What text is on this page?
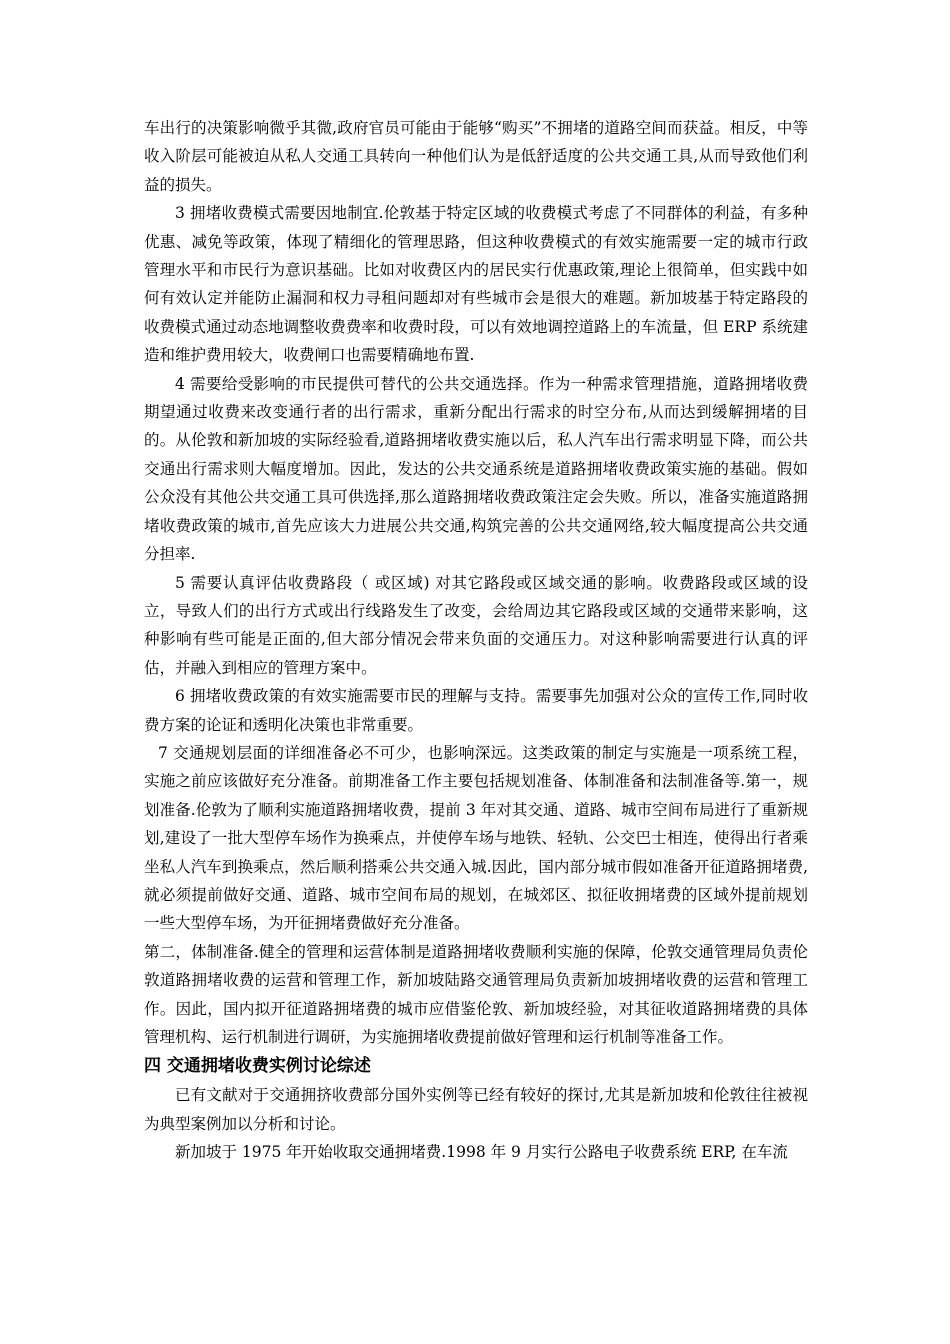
车出行的决策影响微乎其微,政府官员可能由于能够“购买”不拥堵的道路空间而获益。相反，中等收入阶层可能被迫从私人交通工具转向一种他们认为是低舒适度的公共交通工具,从而导致他们利益的损失。

3 拥堵收费模式需要因地制宜.伦敦基于特定区域的收费模式考虑了不同群体的利益，有多种优惠、减免等政策，体现了精细化的管理思路，但这种收费模式的有效实施需要一定的城市行政管理水平和市民行为意识基础。比如对收费区内的居民实行优惠政策,理论上很简单，但实践中如何有效认定并能防止漏洞和权力寻租问题却对有些城市会是很大的难题。新加坡基于特定路段的收费模式通过动态地调整收费费率和收费时段，可以有效地调控道路上的车流量，但 ERP 系统建造和维护费用较大，收费闸口也需要精确地布置.

4 需要给受影响的市民提供可替代的公共交通选择。作为一种需求管理措施，道路拥堵收费期望通过收费来改变通行者的出行需求，重新分配出行需求的时空分布,从而达到缓解拥堵的目的。从伦敦和新加坡的实际经验看,道路拥堵收费实施以后，私人汽车出行需求明显下降，而公共交通出行需求则大幅度增加。因此，发达的公共交通系统是道路拥堵收费政策实施的基础。假如公众没有其他公共交通工具可供选择,那么道路拥堵收费政策注定会失败。所以，准备实施道路拥堵收费政策的城市,首先应该大力进展公共交通,构筑完善的公共交通网络,较大幅度提高公共交通分担率.

5 需要认真评估收费路段（ 或区域) 对其它路段或区域交通的影响。收费路段或区域的设立，导致人们的出行方式或出行线路发生了改变，会给周边其它路段或区域的交通带来影响，这种影响有些可能是正面的,但大部分情况会带来负面的交通压力。对这种影响需要进行认真的评估，并融入到相应的管理方案中。

6 拥堵收费政策的有效实施需要市民的理解与支持。需要事先加强对公众的宣传工作,同时收费方案的论证和透明化决策也非常重要。

7 交通规划层面的详细准备必不可少，也影响深远。这类政策的制定与实施是一项系统工程，实施之前应该做好充分准备。前期准备工作主要包括规划准备、体制准备和法制准备等.第一，规划准备.伦敦为了顺利实施道路拥堵收费，提前 3 年对其交通、道路、城市空间布局进行了重新规划,建设了一批大型停车场作为换乘点，并使停车场与地铁、轻轨、公交巴士相连，使得出行者乘坐私人汽车到换乘点，然后顺利搭乘公共交通入城.因此，国内部分城市假如准备开征道路拥堵费,就必须提前做好交通、道路、城市空间布局的规划，在城郊区、拟征收拥堵费的区域外提前规划一些大型停车场，为开征拥堵费做好充分准备。

第二，体制准备.健全的管理和运营体制是道路拥堵收费顺利实施的保障，伦敦交通管理局负责伦敦道路拥堵收费的运营和管理工作，新加坡陆路交通管理局负责新加坡拥堵收费的运营和管理工作。因此，国内拟开征道路拥堵费的城市应借鉴伦敦、新加坡经验，对其征收道路拥堵费的具体管理机构、运行机制进行调研，为实施拥堵收费提前做好管理和运行机制等准备工作。

四 交通拥堵收费实例讨论综述

已有文献对于交通拥挤收费部分国外实例等已经有较好的探讨,尤其是新加坡和伦敦往往被视为典型案例加以分析和讨论。

新加坡于 1975 年开始收取交通拥堵费.1998 年 9 月实行公路电子收费系统 ERP, 在车流
